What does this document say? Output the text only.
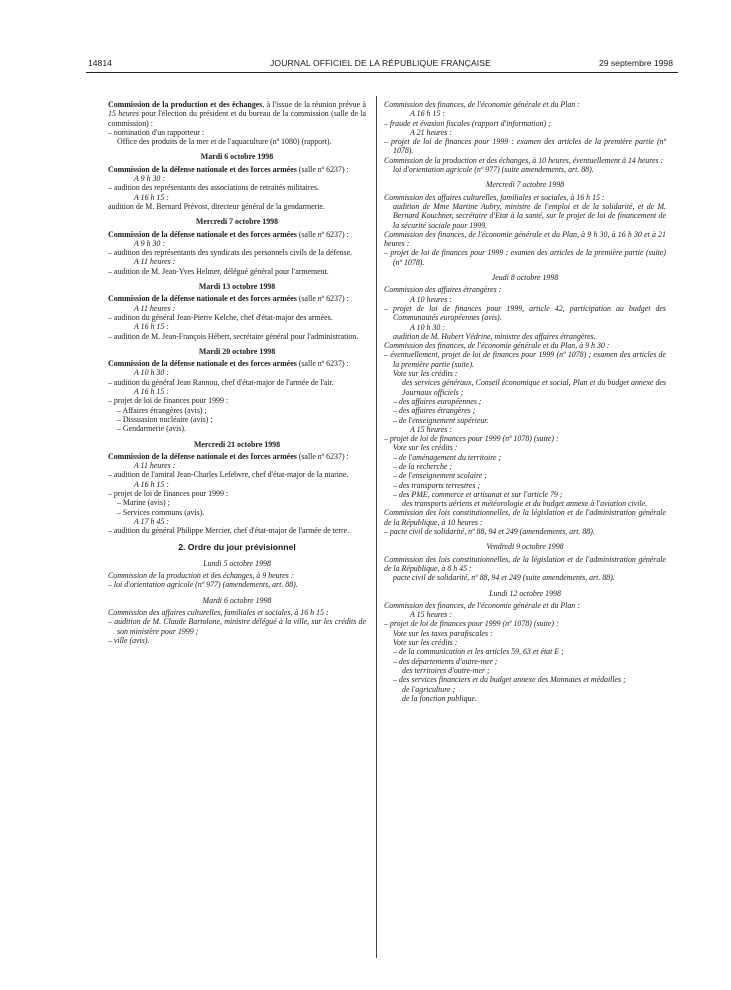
14814	JOURNAL OFFICIEL DE LA RÉPUBLIQUE FRANÇAISE	29 septembre 1998

Commission de la production et des échanges, à l'issue de la réunion prévue à 15 heures pour l'élection du président et du bureau de la commission (salle de la commission) :

– nomination d'un rapporteur :

Office des produits de la mer et de l'aquaculture (nº 1080) (rapport).

Mardi 6 octobre 1998

Commission de la défense nationale et des forces armées (salle nº 6237) :

A 9 h 30 :

– audition des représentants des associations de retraités militaires.

A 16 h 15 :

audition de M. Bernard Prévost, directeur général de la gendarmerie.

Mercredi 7 octobre 1998

Commission de la défense nationale et des forces armées (salle nº 6237) :

A 9 h 30 :

– audition des représentants des syndicats des personnels civils de la défense.

A 11 heures :

– audition de M. Jean-Yves Helmer, délégué général pour l'armement.

Mardi 13 octobre 1998

Commission de la défense nationale et des forces armées (salle nº 6237) :

A 11 heures :

– audition du général Jean-Pierre Kelche, chef d'état-major des armées.

A 16 h 15 :

– audition de M. Jean-François Hébert, secrétaire général pour l'administration.

Mardi 20 octobre 1998

Commission de la défense nationale et des forces armées (salle nº 6237) :

A 10 h 30 :

– audition du général Jean Rannou, chef d'état-major de l'armée de l'air.

A 16 h 15 :

– projet de loi de finances pour 1999 :

– Affaires étrangères (avis) ;

– Dissuasion nucléaire (avis) ;

– Gendarmerie (avis).

Mercredi 21 octobre 1998

Commission de la défense nationale et des forces armées (salle nº 6237) :

A 11 heures :

– audition de l'amiral Jean-Charles Lefebvre, chef d'état-major de la marine.

A 16 h 15 :

– projet de loi de finances pour 1999 :

– Marine (avis) ;

– Services communs (avis).

A 17 h 45 :

– audition du général Philippe Mercier, chef d'état-major de l'armée de terre.

2. Ordre du jour prévisionnel

Lundi 5 octobre 1998

Commission de la production et des échanges, à 9 heures :

– loi d'orientation agricole (nº 977) (amendements, art. 88).

Mardi 6 octobre 1998

Commission des affaires culturelles, familiales et sociales, à 16 h 15 :

– audition de M. Claude Bartolone, ministre délégué à la ville, sur les crédits de son ministère pour 1999 ;

– ville (avis).

Commission des finances, de l'économie générale et du Plan :

A 16 h 15 :

– fraude et évasion fiscales (rapport d'information) ;

A 21 heures :

– projet de loi de finances pour 1999 : examen des articles de la première partie (nº 1078).

Commission de la production et des échanges, à 10 heures, éventuellement à 14 heures :

loi d'orientation agricole (nº 977) (suite amendements, art. 88).

Mercredi 7 octobre 1998

Commission des affaires culturelles, familiales et sociales, à 16 h 15 :

audition de Mme Martine Aubry, ministre de l'emploi et de la solidarité, et de M. Bernard Kouchner, secrétaire d'Etat à la santé, sur le projet de loi de financement de la sécurité sociale pour 1999.

Commission des finances, de l'économie générale et du Plan, à 9 h 30, à 16 h 30 et à 21 heures :

– projet de loi de finances pour 1999 : examen des articles de la première partie (suite) (nº 1078).

Jeudi 8 octobre 1998

Commission des affaires étrangères :

A 10 heures :

– projet de loi de finances pour 1999, article 42, participation au budget des Communautés européennes (avis).

A 10 h 30 :

audition de M. Hubert Védrine, ministre des affaires étrangères.

Commission des finances, de l'économie générale et du Plan, à 9 h 30 :

– éventuellement, projet de loi de finances pour 1999 (nº 1078) ; examen des articles de la première partie (suite).

Vote sur les crédits :

des services généraux, Conseil économique et social, Plan et du budget annexe des Journaux officiels ;

– des affaires européennes ;

– des affaires étrangères ;

– de l'enseignement supérieur.

A 15 heures :

– projet de loi de finances pour 1999 (nº 1078) (suite) :

Vote sur les crédits :

– de l'aménagement du territoire ;

– de la recherche ;

– de l'enseignement scolaire ;

– des transports terrestres ;

– des PME, commerce et artisanat et sur l'article 79 ;

des transports aériens et météorologie et du budget annexe à l'aviation civile.

Commission des lois constitutionnelles, de la législation et de l'administration générale de la République, à 10 heures :

– pacte civil de solidarité, nº 88, 94 et 249 (amendements, art. 88).

Vendredi 9 octobre 1998

Commission des lois constitutionnelles, de la législation et de l'administration générale de la République, à 8 h 45 :

pacte civil de solidarité, nº 88, 94 et 249 (suite amendements, art. 88).

Lundi 12 octobre 1998

Commission des finances, de l'économie générale et du Plan :

A 15 heures :

– projet de loi de finances pour 1999 (nº 1078) (suite) :

Vote sur les taxes parafiscales :

Vote sur les crédits :

– de la communication et les articles 59, 63 et état E ;

– des départements d'outre-mer ;

des territoires d'outre-mer ;

– des services financiers et du budget annexe des Monnaies et médailles ;

de l'agriculture ;

de la fonction publique.
